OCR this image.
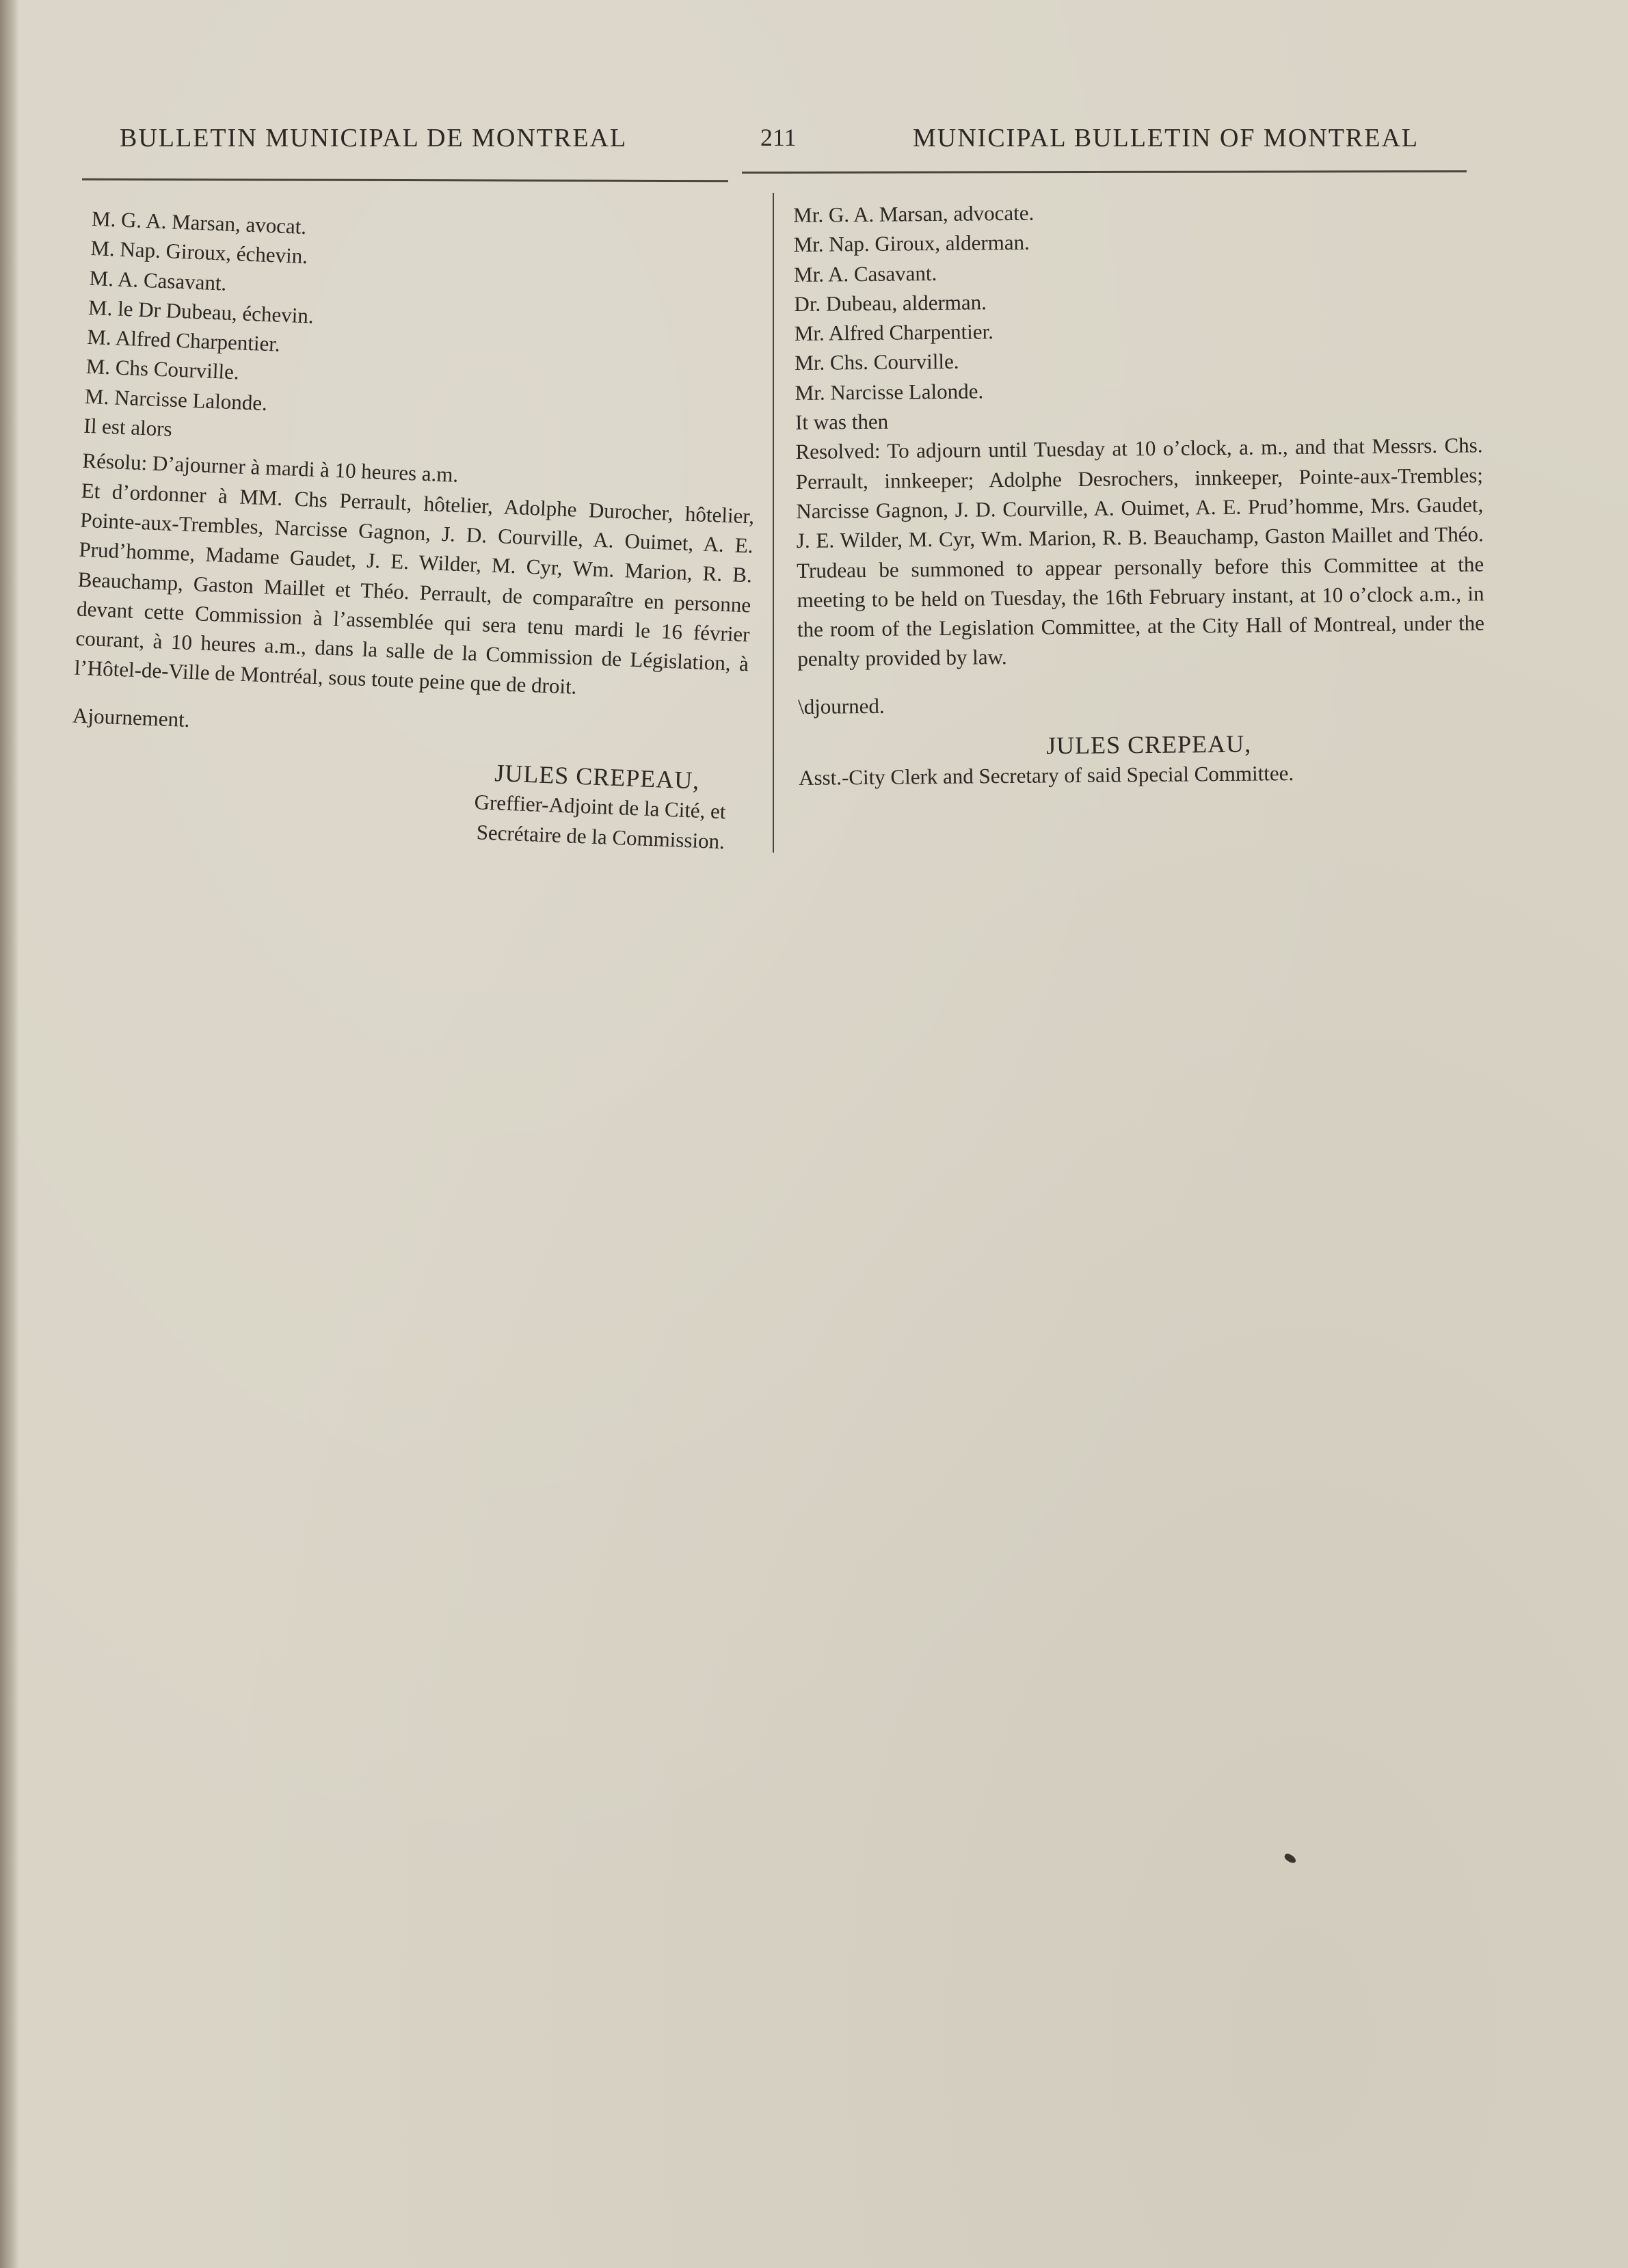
BULLETIN MUNICIPAL DE MONTREAL	211	MUNICIPAL BULLETIN OF MONTREAL
M. G. A. Marsan, avocat.
M. Nap. Giroux, échevin.
M. A. Casavant.
M. le Dr Dubeau, échevin.
M. Alfred Charpentier.
M. Chs Courville.
M. Narcisse Lalonde.
Il est alors
Résolu: D’ajourner à mardi à 10 heures a.m.

Et d’ordonner à MM. Chs Perrault, hôtelier, Adolphe Durocher, hôtelier, Pointe-aux-Trembles, Narcisse Gagnon, J. D. Courville, A. Ouimet, A. E. Prud’homme, Madame Gaudet, J. E. Wilder, M. Cyr, Wm. Marion, R. B. Beauchamp, Gaston Maillet et Théo. Perrault, de comparaître en personne devant cette Commission à l’assemblée qui sera tenu mardi le 16 février courant, à 10 heures a.m., dans la salle de la Commission de Législation, à l’Hôtel-de-Ville de Montréal, sous toute peine que de droit.

Ajournement.
JULES CREPEAU,
Greffier-Adjoint de la Cité, et
Secrétaire de la Commission.
Mr. G. A. Marsan, advocate.
Mr. Nap. Giroux, alderman.
Mr. A. Casavant.
Dr. Dubeau, alderman.
Mr. Alfred Charpentier.
Mr. Chs. Courville.
Mr. Narcisse Lalonde.
It was then

Resolved: To adjourn until Tuesday at 10 o’clock, a. m., and that Messrs. Chs. Perrault, innkeeper; Adolphe Desrochers, innkeeper, Pointe-aux-Trembles; Narcisse Gagnon, J. D. Courville, A. Ouimet, A. E. Prud’homme, Mrs. Gaudet, J. E. Wilder, M. Cyr, Wm. Marion, R. B. Beauchamp, Gaston Maillet and Théo. Trudeau be summoned to appear personally before this Committee at the meeting to be held on Tuesday, the 16th February instant, at 10 o’clock a.m., in the room of the Legislation Committee, at the City Hall of Montreal, under the penalty provided by law.

\djourned.
JULES CREPEAU,
Asst.-City Clerk and Secretary of said Special Committee.
